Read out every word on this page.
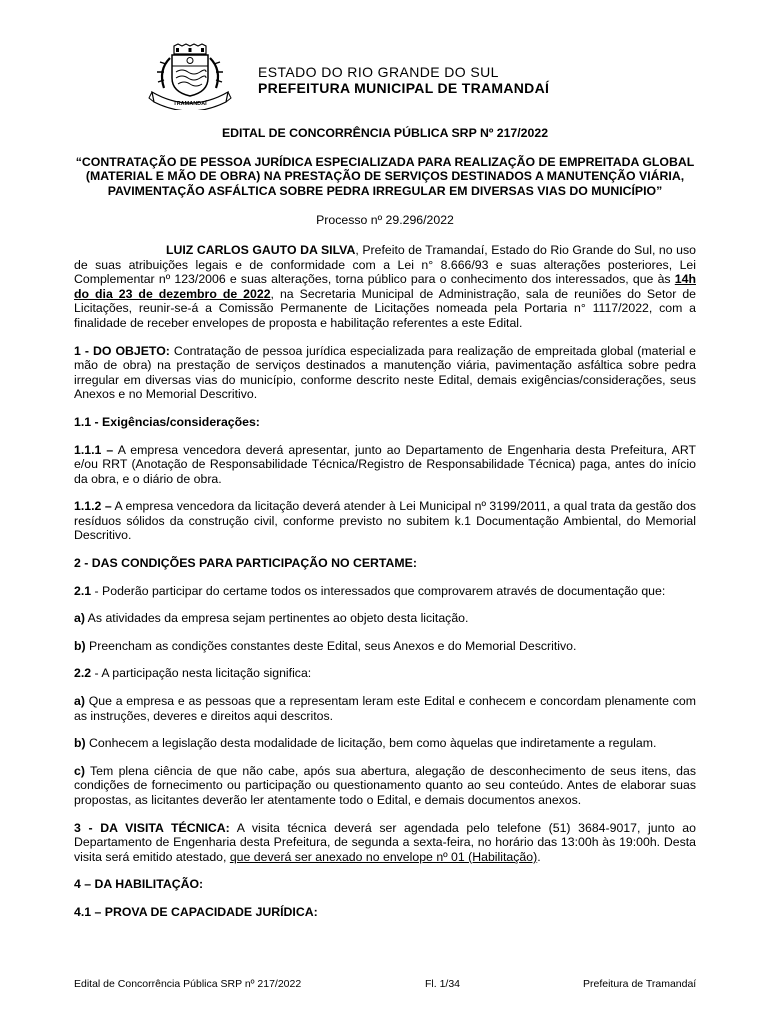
TRAMANDAÍ
ESTADO DO RIO GRANDE DO SUL
PREFEITURA MUNICIPAL DE TRAMANDAÍ

EDITAL DE CONCORRÊNCIA PÚBLICA SRP Nº 217/2022

“CONTRATAÇÃO DE PESSOA JURÍDICA ESPECIALIZADA PARA REALIZAÇÃO DE EMPREITADA GLOBAL (MATERIAL E MÃO DE OBRA) NA PRESTAÇÃO DE SERVIÇOS DESTINADOS A MANUTENÇÃO VIÁRIA, PAVIMENTAÇÃO ASFÁLTICA SOBRE PEDRA IRREGULAR EM DIVERSAS VIAS DO MUNICÍPIO”

Processo nº 29.296/2022

LUIZ CARLOS GAUTO DA SILVA, Prefeito de Tramandaí, Estado do Rio Grande do Sul, no uso de suas atribuições legais e de conformidade com a Lei n° 8.666/93 e suas alterações posteriores, Lei Complementar nº 123/2006 e suas alterações, torna público para o conhecimento dos interessados, que às 14h do dia 23 de dezembro de 2022, na Secretaria Municipal de Administração, sala de reuniões do Setor de Licitações, reunir-se-á a Comissão Permanente de Licitações nomeada pela Portaria n° 1117/2022, com a finalidade de receber envelopes de proposta e habilitação referentes a este Edital.

1 - DO OBJETO: Contratação de pessoa jurídica especializada para realização de empreitada global (material e mão de obra) na prestação de serviços destinados a manutenção viária, pavimentação asfáltica sobre pedra irregular em diversas vias do município, conforme descrito neste Edital, demais exigências/considerações, seus Anexos e no Memorial Descritivo.

1.1 - Exigências/considerações:

1.1.1 – A empresa vencedora deverá apresentar, junto ao Departamento de Engenharia desta Prefeitura, ART e/ou RRT (Anotação de Responsabilidade Técnica/Registro de Responsabilidade Técnica) paga, antes do início da obra, e o diário de obra.

1.1.2 – A empresa vencedora da licitação deverá atender à Lei Municipal nº 3199/2011, a qual trata da gestão dos resíduos sólidos da construção civil, conforme previsto no subitem k.1 Documentação Ambiental, do Memorial Descritivo.

2 - DAS CONDIÇÕES PARA PARTICIPAÇÃO NO CERTAME:

2.1 - Poderão participar do certame todos os interessados que comprovarem através de documentação que:

a) As atividades da empresa sejam pertinentes ao objeto desta licitação.

b) Preencham as condições constantes deste Edital, seus Anexos e do Memorial Descritivo.

2.2 - A participação nesta licitação significa:

a) Que a empresa e as pessoas que a representam leram este Edital e conhecem e concordam plenamente com as instruções, deveres e direitos aqui descritos.

b) Conhecem a legislação desta modalidade de licitação, bem como àquelas que indiretamente a regulam.

c) Tem plena ciência de que não cabe, após sua abertura, alegação de desconhecimento de seus itens, das condições de fornecimento ou participação ou questionamento quanto ao seu conteúdo. Antes de elaborar suas propostas, as licitantes deverão ler atentamente todo o Edital, e demais documentos anexos.

3 - DA VISITA TÉCNICA: A visita técnica deverá ser agendada pelo telefone (51) 3684-9017, junto ao Departamento de Engenharia desta Prefeitura, de segunda a sexta-feira, no horário das 13:00h às 19:00h. Desta visita será emitido atestado, que deverá ser anexado no envelope nº 01 (Habilitação).

4 – DA HABILITAÇÃO:

4.1 – PROVA DE CAPACIDADE JURÍDICA:

Edital de Concorrência Pública SRP nº 217/2022	Fl. 1/34	Prefeitura de Tramandaí
